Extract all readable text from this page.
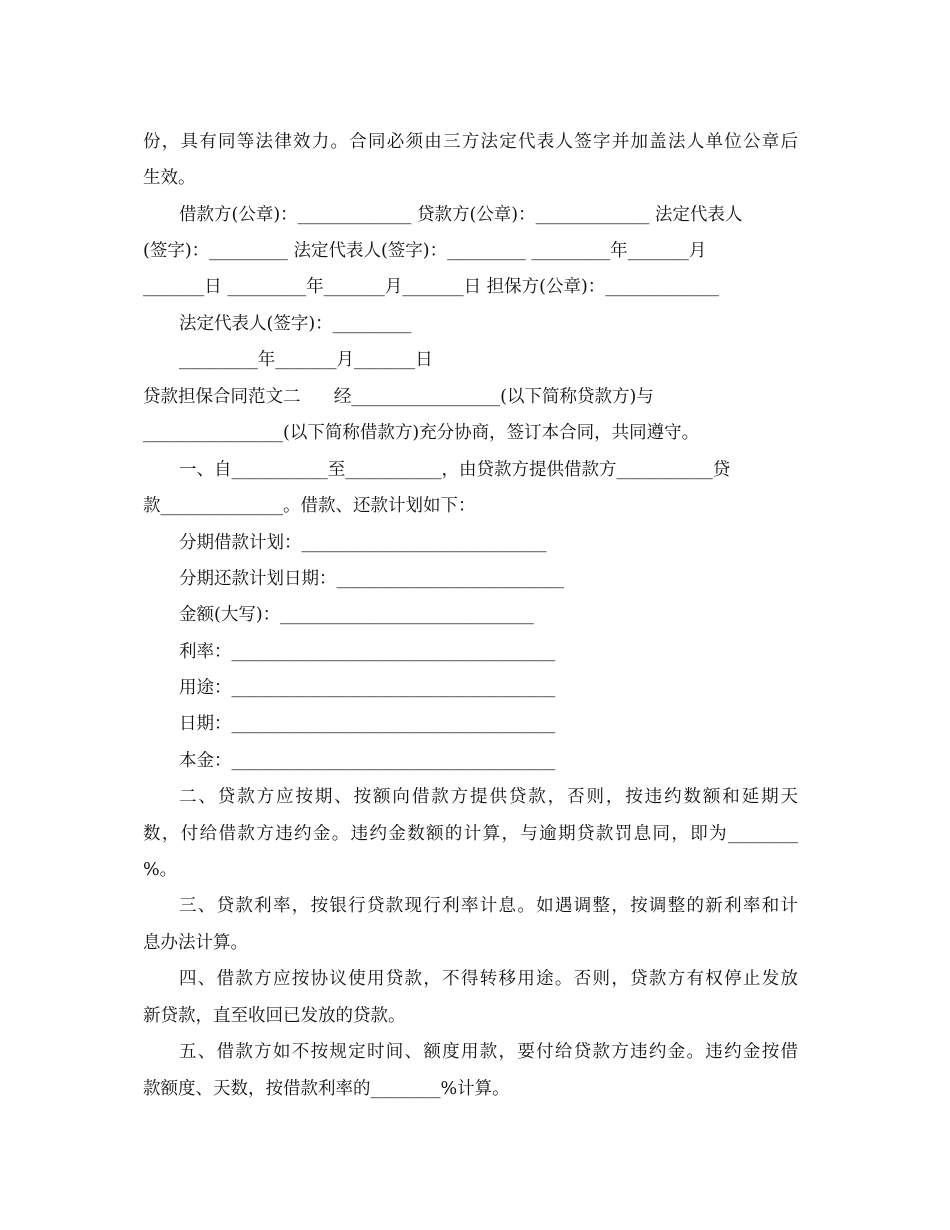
份，具有同等法律效力。合同必须由三方法定代表人签字并加盖法人单位公章后
生效。
借款方(公章)：_____________ 贷款方(公章)：_____________ 法定代表人
(签字)：_________ 法定代表人(签字)：_________ _________年_______月
_______日 _________年_______月_______日 担保方(公章)：_____________
法定代表人(签字)：_________
_________年_______月_______日
贷款担保合同范文二      经_________________(以下简称贷款方)与
________________(以下简称借款方)充分协商，签订本合同，共同遵守。
一、自___________至___________，由贷款方提供借款方___________贷
款______________。借款、还款计划如下：
分期借款计划：____________________________
分期还款计划日期：__________________________
金额(大写)：_____________________________
利率：_____________________________________
用途：_____________________________________
日期：_____________________________________
本金：_____________________________________
二、贷款方应按期、按额向借款方提供贷款，否则，按违约数额和延期天
数，付给借款方违约金。违约金数额的计算，与逾期贷款罚息同，即为________
%。
三、贷款利率，按银行贷款现行利率计息。如遇调整，按调整的新利率和计
息办法计算。
四、借款方应按协议使用贷款，不得转移用途。否则，贷款方有权停止发放
新贷款，直至收回已发放的贷款。
五、借款方如不按规定时间、额度用款，要付给贷款方违约金。违约金按借
款额度、天数，按借款利率的________%计算。
